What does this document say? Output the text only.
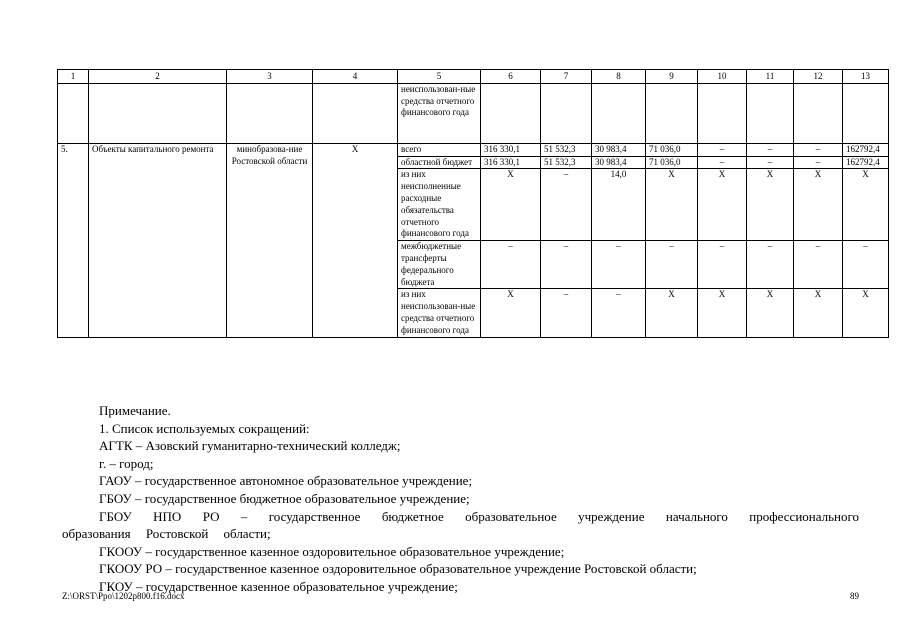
1	2	3	4	5	6	7	8	9	10	11	12	13
				неиспользован-ные средства отчетного финансового года								
5.	Объекты капитального ремонта	минобразова-ние Ростовской области	Х	всего	316 330,1	51 532,3	30 983,4	71 036,0	–	–	–	162792,4
				областной бюджет	316 330,1	51 532,3	30 983,4	71 036,0	–	–	–	162792,4
				из них неисполненные расходные обязательства отчетного финансового года	Х	–	14,0	Х	Х	Х	Х	Х
				межбюджетные трансферты федерального бюджета	–	–	–	–	–	–	–	–
				из них неиспользован-ные средства отчетного финансового года	Х	–	–	Х	Х	Х	Х	Х

Примечание.

1. Список используемых сокращений:

АГТК – Азовский гуманитарно-технический колледж;

г. – город;

ГАОУ – государственное автономное образовательное учреждение;

ГБОУ – государственное бюджетное образовательное учреждение;

ГБОУ НПО РО – государственное бюджетное образовательное учреждение начального профессионального образования Ростовской области;

ГКООУ – государственное казенное оздоровительное образовательное учреждение;

ГКООУ РО – государственное казенное оздоровительное образовательное учреждение Ростовской области;

ГКОУ – государственное казенное образовательное учреждение;

Z:\ORST\Ppo\1202p800.f16.docx	89
